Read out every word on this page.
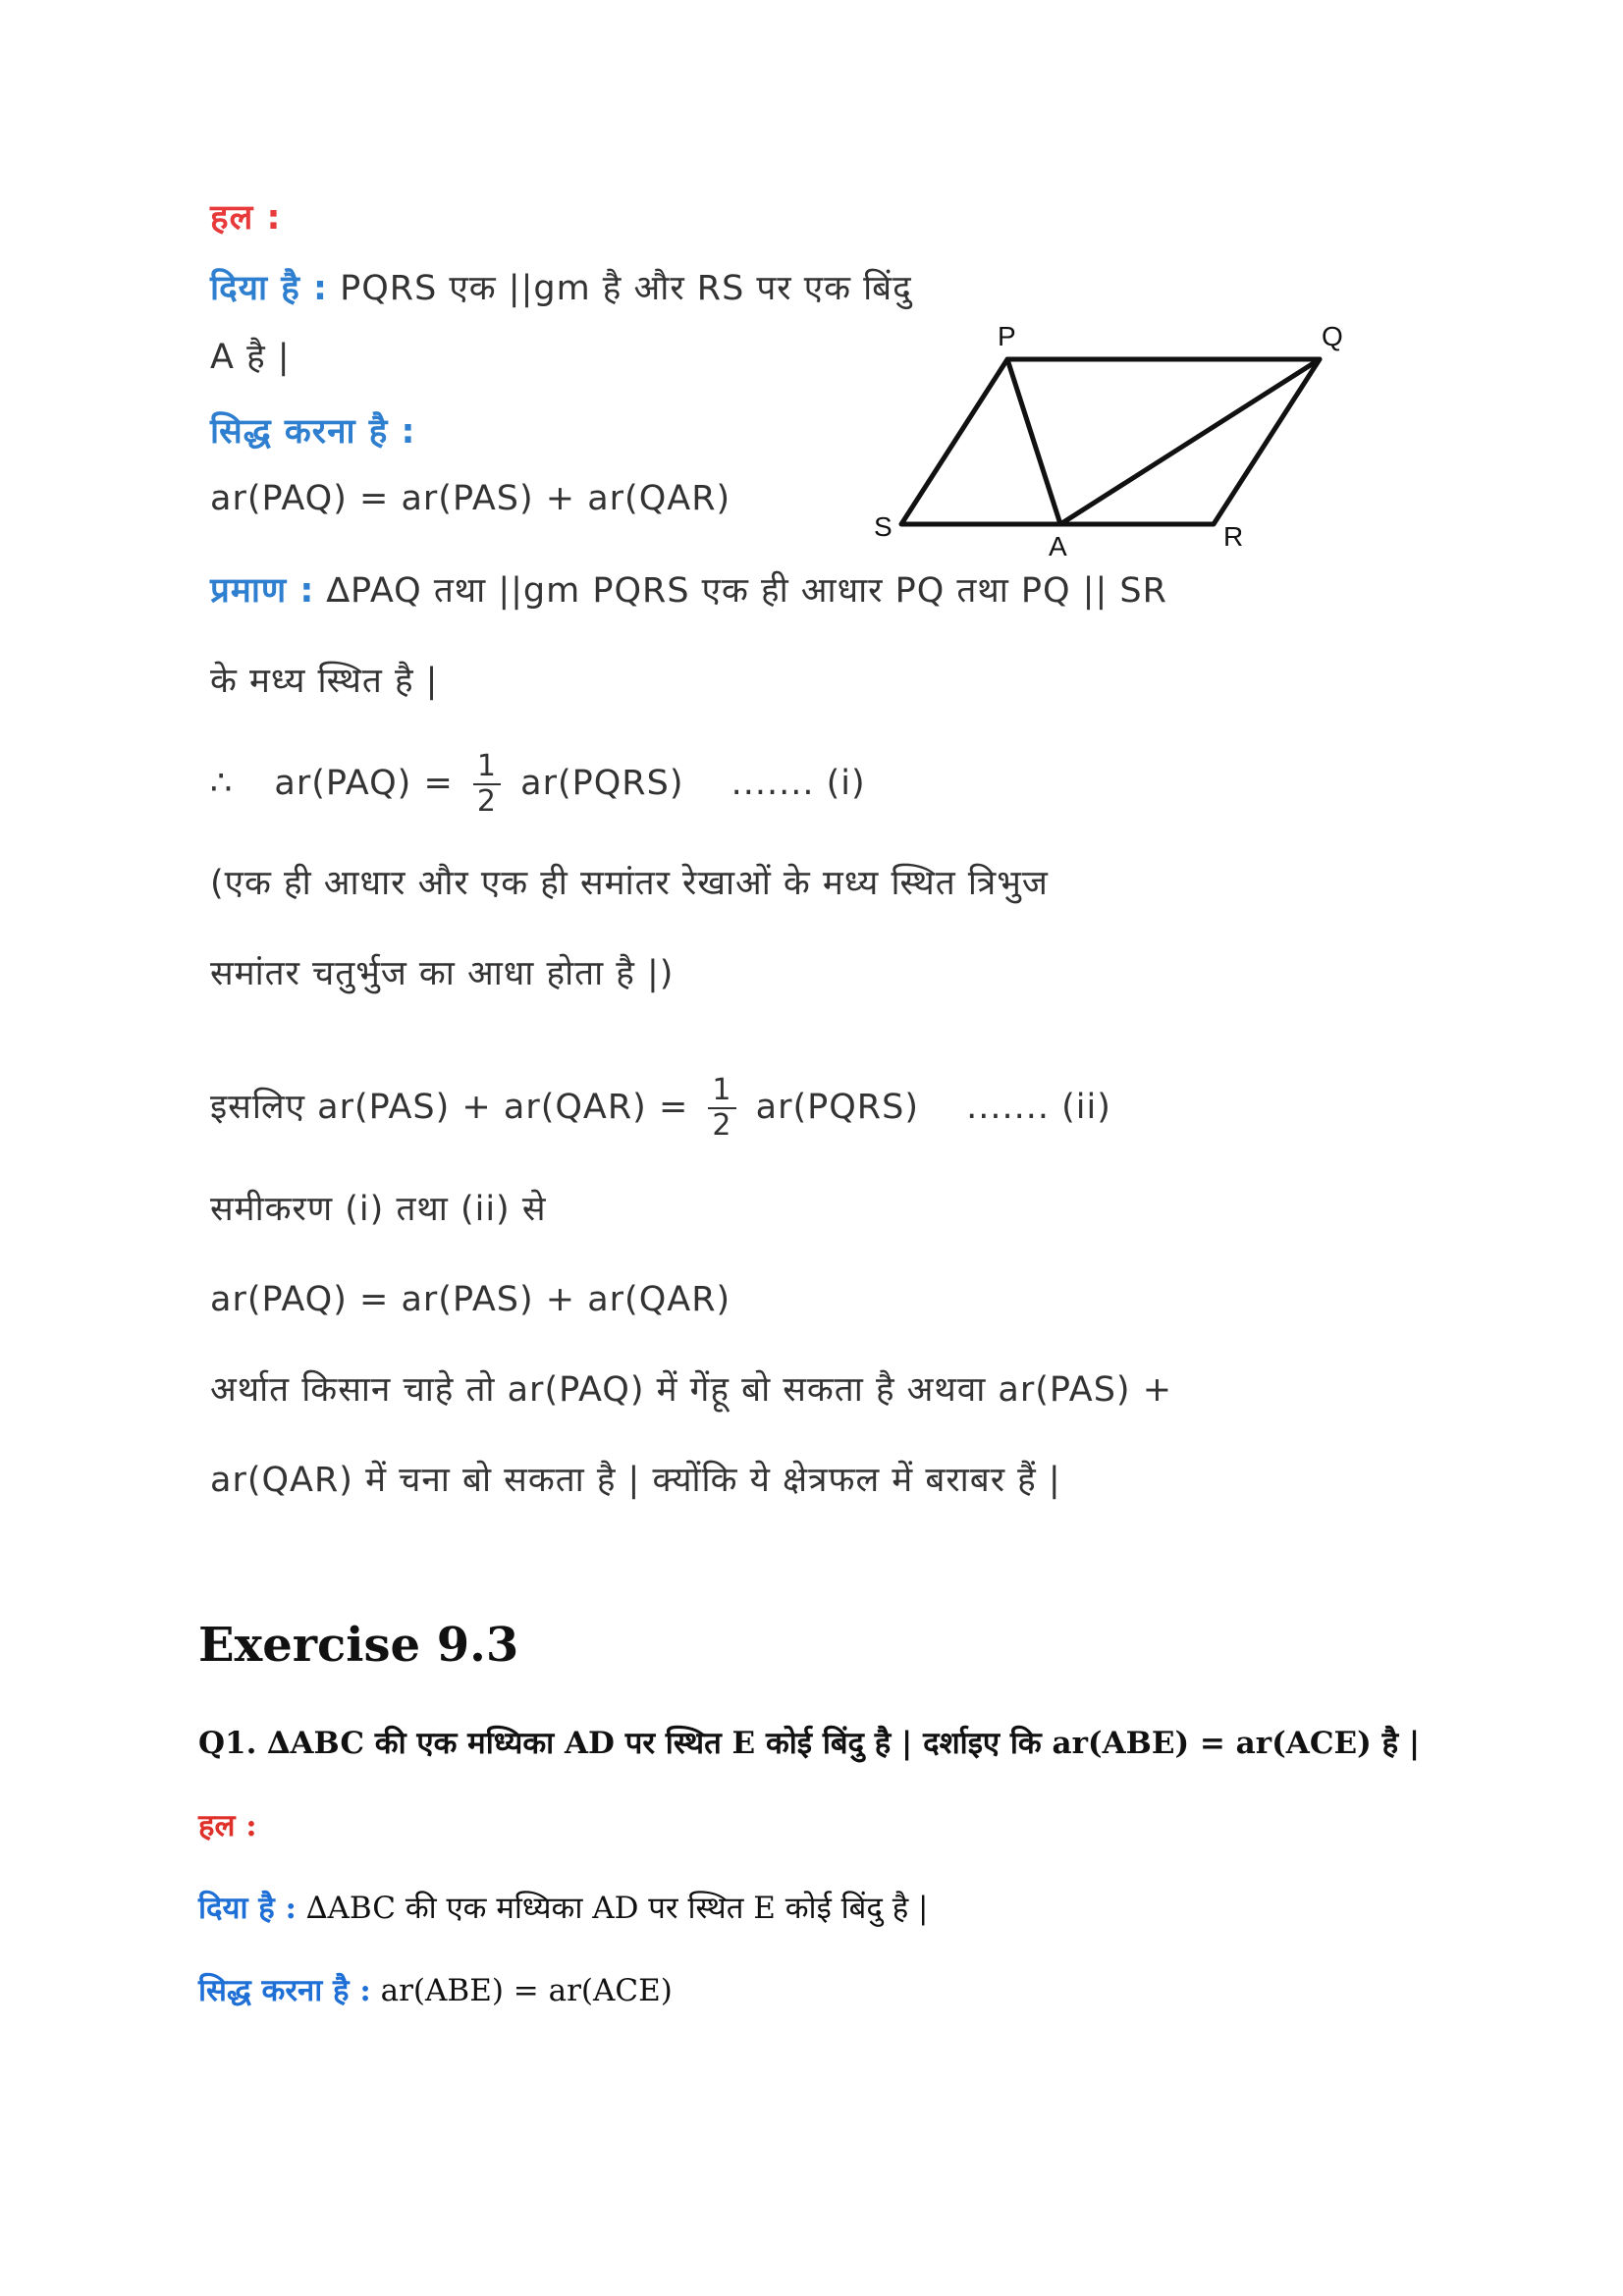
हल :
दिया है : PQRS एक ||gm है और RS पर एक बिंदु
A है |
सिद्ध करना है :
ar(PAQ) = ar(PAS) + ar(QAR)
P	Q
S
A	R
प्रमाण : ∆PAQ तथा ||gm PQRS एक ही आधार PQ तथा PQ || SR
के मध्य स्थित है |
∴ $ar(PAQ) = \frac{1}{2}$ ar(PQRS) ....... (i)
(एक ही आधार और एक ही समांतर रेखाओं के मध्य स्थित त्रिभुज
समांतर चतुर्भुज का आधा होता है |)
इसलिए $ar(PAS) + ar(QAR) = \frac{1}{2}$ ar(PQRS) ....... (ii)
समीकरण (i) तथा (ii) से
ar(PAQ) = ar(PAS) + ar(QAR)
अर्थात किसान चाहे तो ar(PAQ) में गेंहू बो सकता है अथवा ar(PAS) +
ar(QAR) में चना बो सकता है | क्योंकि ये क्षेत्रफल में बराबर हैं |
Exercise 9.3
Q1. ∆ABC की एक मध्यिका AD पर स्थित E कोई बिंदु है | दर्शाइए कि ar(ABE) = ar(ACE) है |
हल :
दिया है : ∆ABC की एक मध्यिका AD पर स्थित E कोई बिंदु है |
सिद्ध करना है : ar(ABE) = ar(ACE)
